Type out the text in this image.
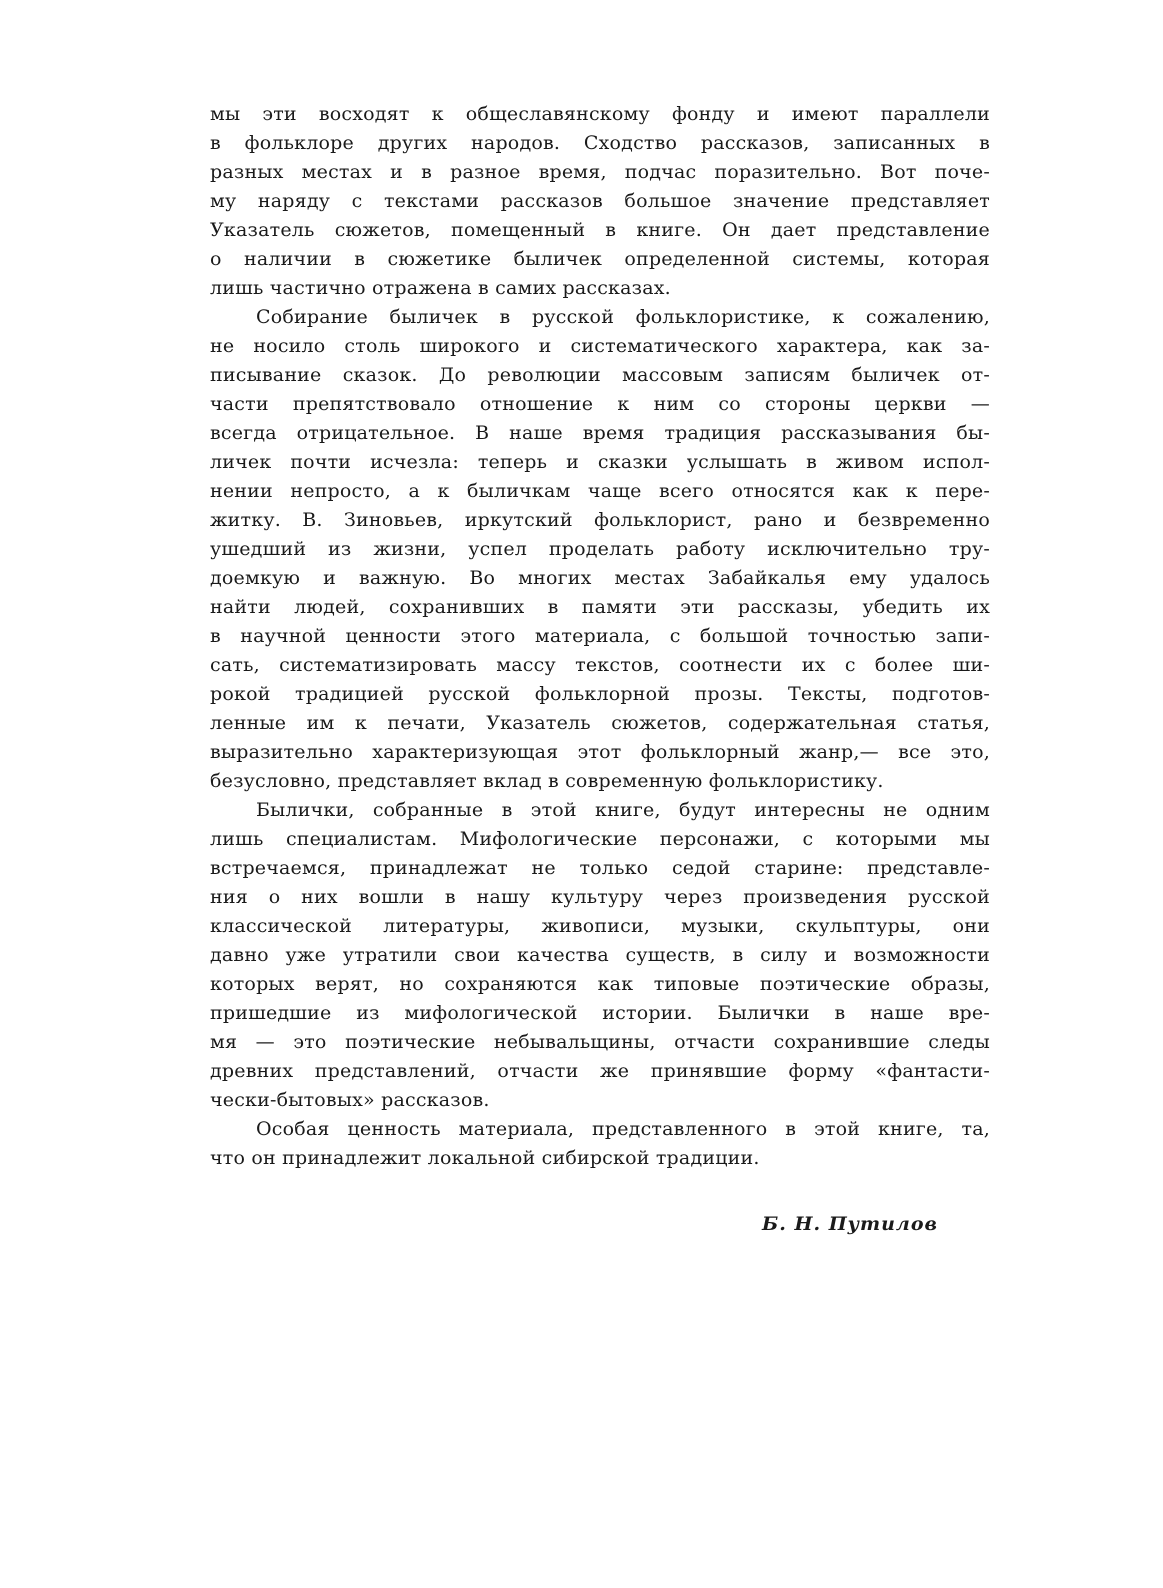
мы эти восходят к общеславянскому фонду и имеют параллели
в фольклоре других народов. Сходство рассказов, записанных в
разных местах и в разное время, подчас поразительно. Вот поче-
му наряду с текстами рассказов большое значение представляет
Указатель сюжетов, помещенный в книге. Он дает представление
о наличии в сюжетике быличек определенной системы, которая
лишь частично отражена в самих рассказах.
Собирание быличек в русской фольклористике, к сожалению,
не носило столь широкого и систематического характера, как за-
писывание сказок. До революции массовым записям быличек от-
части препятствовало отношение к ним со стороны церкви —
всегда отрицательное. В наше время традиция рассказывания бы-
личек почти исчезла: теперь и сказки услышать в живом испол-
нении непросто, а к быличкам чаще всего относятся как к пере-
житку. В. Зиновьев, иркутский фольклорист, рано и безвременно
ушедший из жизни, успел проделать работу исключительно тру-
доемкую и важную. Во многих местах Забайкалья ему удалось
найти людей, сохранивших в памяти эти рассказы, убедить их
в научной ценности этого материала, с большой точностью запи-
сать, систематизировать массу текстов, соотнести их с более ши-
рокой традицией русской фольклорной прозы. Тексты, подготов-
ленные им к печати, Указатель сюжетов, содержательная статья,
выразительно характеризующая этот фольклорный жанр,— все это,
безусловно, представляет вклад в современную фольклористику.
Былички, собранные в этой книге, будут интересны не одним
лишь специалистам. Мифологические персонажи, с которыми мы
встречаемся, принадлежат не только седой старине: представле-
ния о них вошли в нашу культуру через произведения русской
классической литературы, живописи, музыки, скульптуры, они
давно уже утратили свои качества существ, в силу и возможности
которых верят, но сохраняются как типовые поэтические образы,
пришедшие из мифологической истории. Былички в наше вре-
мя — это поэтические небывальщины, отчасти сохранившие следы
древних представлений, отчасти же принявшие форму «фантасти-
чески-бытовых» рассказов.
Особая ценность материала, представленного в этой книге, та,
что он принадлежит локальной сибирской традиции.
Б. Н. Путилов
